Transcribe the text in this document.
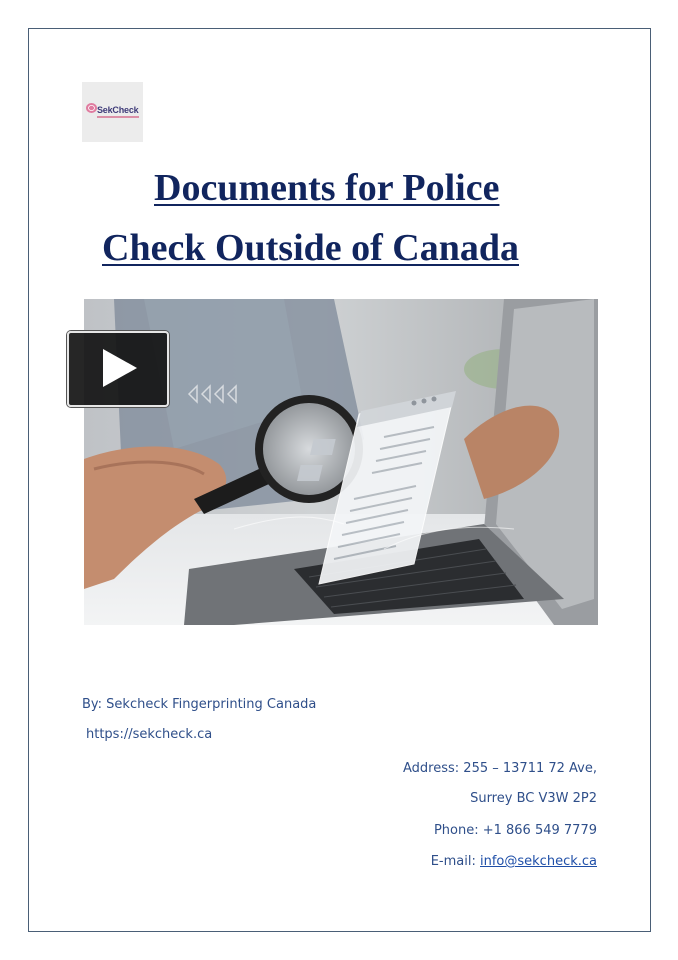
SekCheck
Documents for Police
Check Outside of Canada

By: Sekcheck Fingerprinting Canada

https://sekcheck.ca

Address: 255 – 13711 72 Ave,

Surrey BC V3W 2P2

Phone: +1 866 549 7779

E-mail: info@sekcheck.ca
